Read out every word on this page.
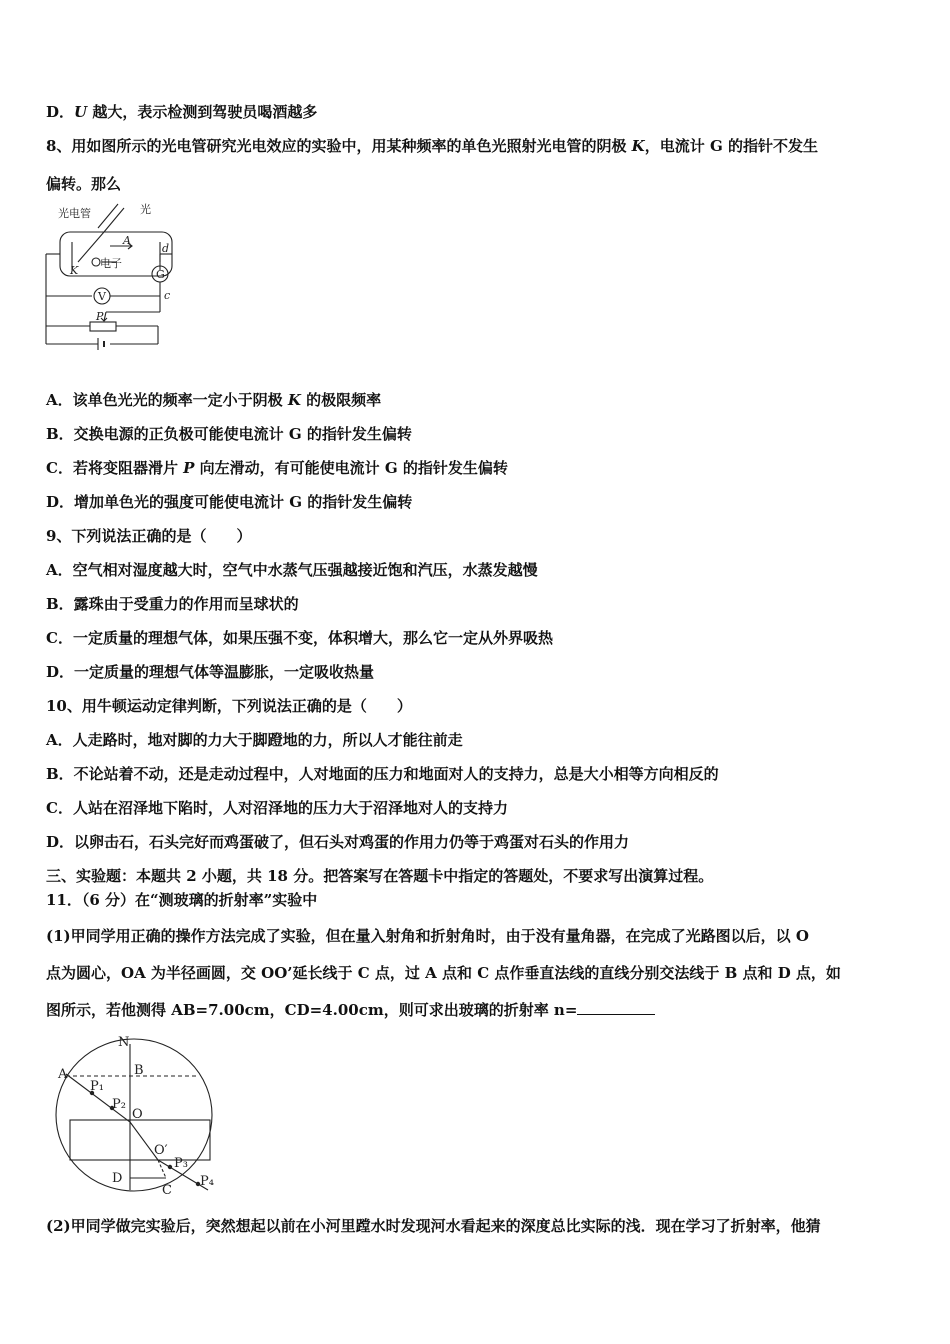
D．U 越大，表示检测到驾驶员喝酒越多
8、用如图所示的光电管研究光电效应的实验中，用某种频率的单色光照射光电管的阴极 K，电流计 G 的指针不发生
偏转。那么
光电管	光
A
电子
K
d
G
c
V
P
A．该单色光光的频率一定小于阴极 K 的极限频率
B．交换电源的正负极可能使电流计 G 的指针发生偏转
C．若将变阻器滑片 P 向左滑动，有可能使电流计 G 的指针发生偏转
D．增加单色光的强度可能使电流计 G 的指针发生偏转
9、下列说法正确的是（　　）
A．空气相对湿度越大时，空气中水蒸气压强越接近饱和汽压，水蒸发越慢
B．露珠由于受重力的作用而呈球状的
C．一定质量的理想气体，如果压强不变，体积增大，那么它一定从外界吸热
D．一定质量的理想气体等温膨胀，一定吸收热量
10、用牛顿运动定律判断，下列说法正确的是（　　）
A．人走路时，地对脚的力大于脚蹬地的力，所以人才能往前走
B．不论站着不动，还是走动过程中，人对地面的压力和地面对人的支持力，总是大小相等方向相反的
C．人站在沼泽地下陷时，人对沼泽地的压力大于沼泽地对人的支持力
D．以卵击石，石头完好而鸡蛋破了，但石头对鸡蛋的作用力仍等于鸡蛋对石头的作用力
三、实验题：本题共 2 小题，共 18 分。把答案写在答题卡中指定的答题处，不要求写出演算过程。
11．（6 分）在“测玻璃的折射率”实验中
(1)甲同学用正确的操作方法完成了实验，但在量入射角和折射角时，由于没有量角器，在完成了光路图以后，以 O
点为圆心，OA 为半径画圆，交 OO’延长线于 C 点，过 A 点和 C 点作垂直法线的直线分别交法线于 B 点和 D 点，如
图所示，若他测得 AB=7.00cm，CD=4.00cm，则可求出玻璃的折射率 n=
N
A	B
P₁
P₂
O
O′
P₃
D
C
P₄
(2)甲同学做完实验后，突然想起以前在小河里蹚水时发现河水看起来的深度总比实际的浅．现在学习了折射率，他猜
